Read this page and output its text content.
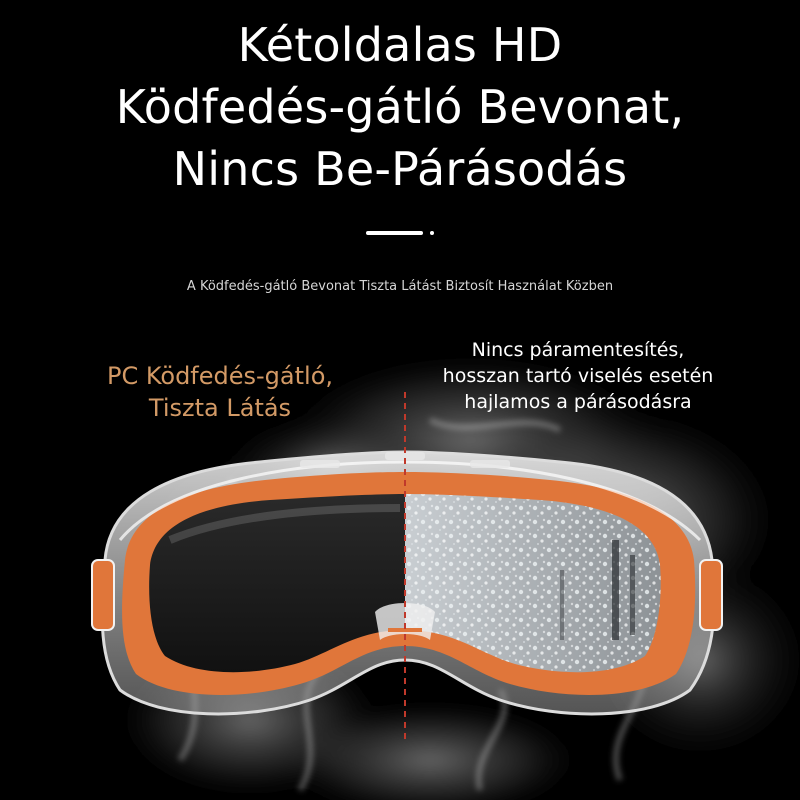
Kétoldalas HD
Ködfedés-gátló Bevonat,
Nincs Be-Párásodás
A Ködfedés-gátló Bevonat Tiszta Látást Biztosít Használat Közben
PC Ködfedés-gátló,
Tiszta Látás
Nincs páramentesítés,
hosszan tartó viselés esetén
hajlamos a párásodásra
